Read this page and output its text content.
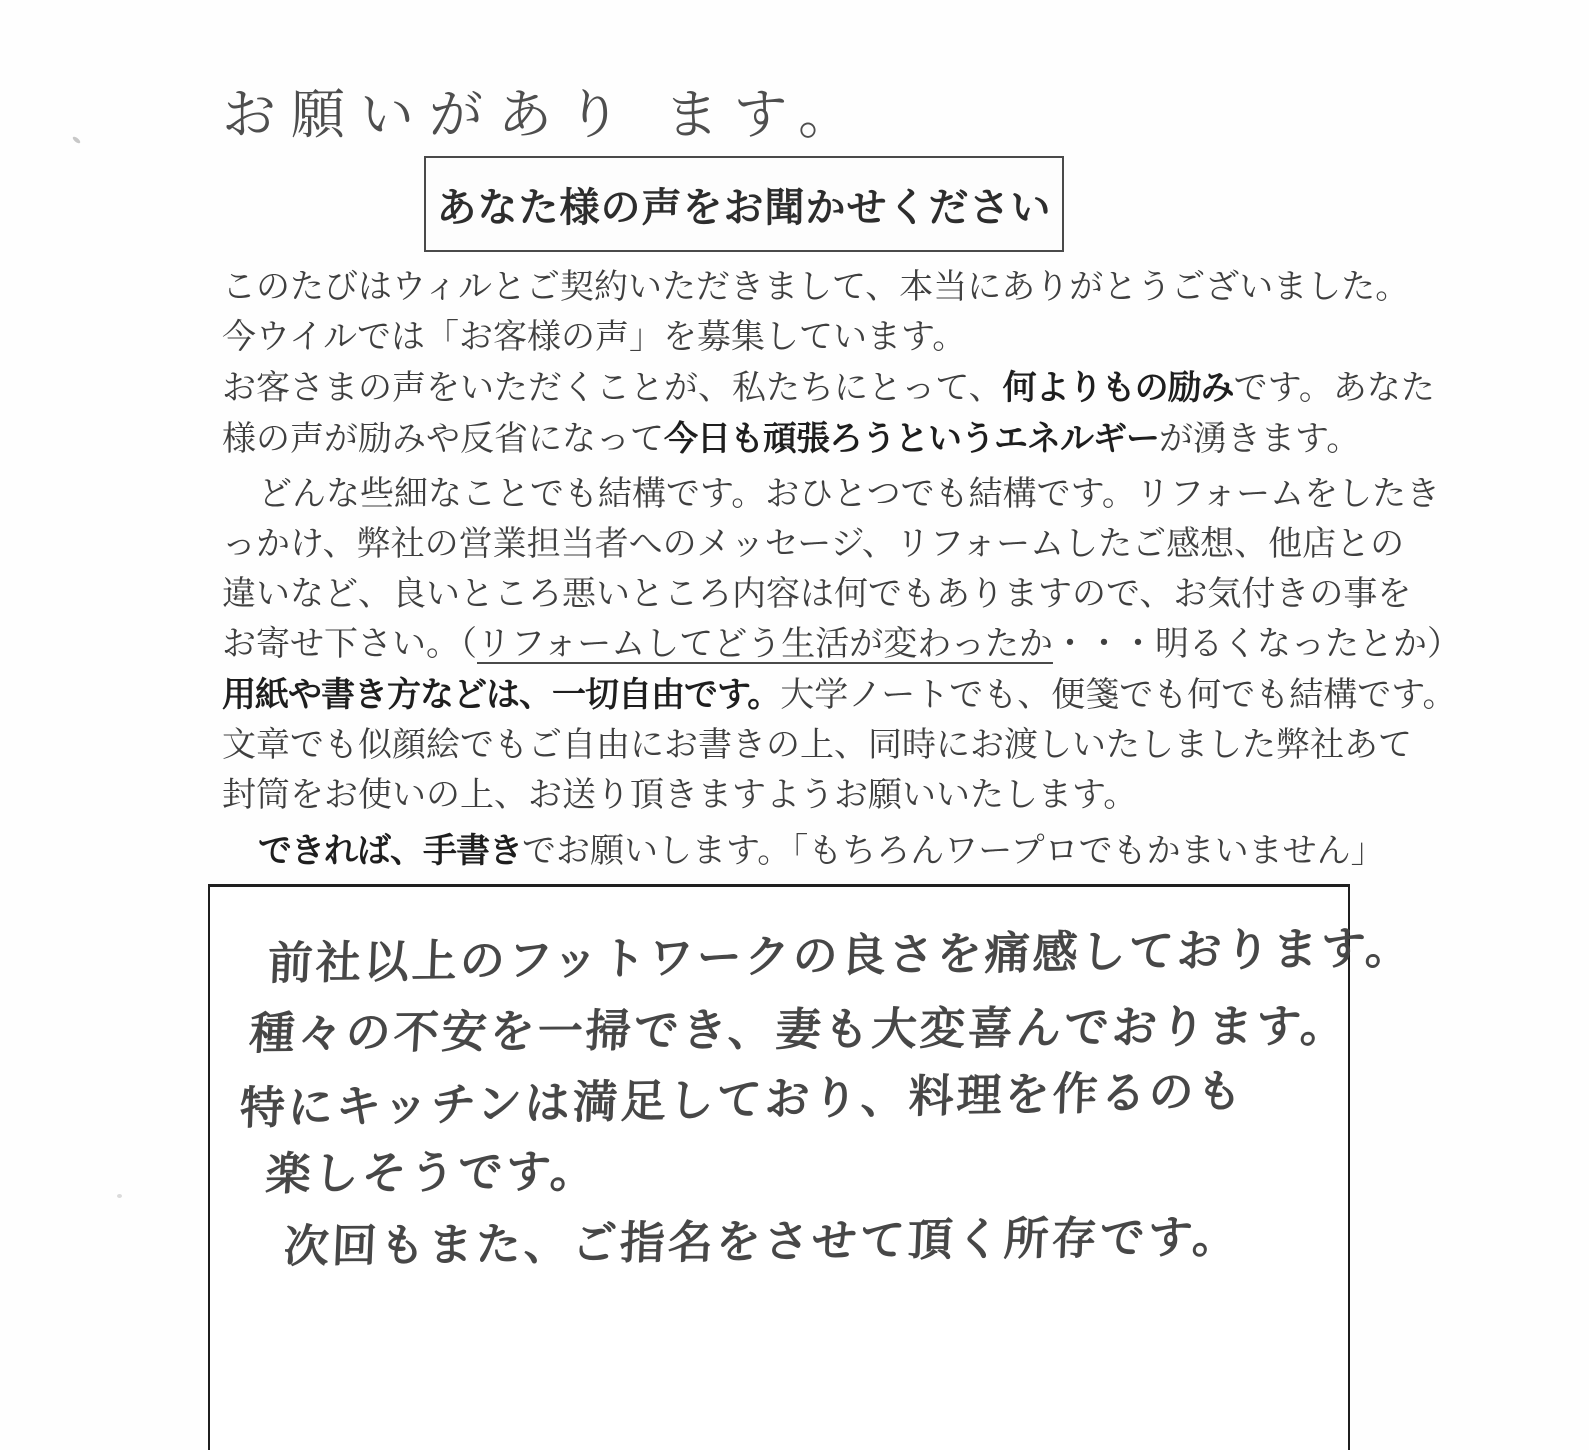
お願いがあり ます。
あなた様の声をお聞かせください
このたびはウィルとご契約いただきまして、本当にありがとうございました。
今ウイルでは「お客様の声」を募集しています。
お客さまの声をいただくことが、私たちにとって、何よりもの励みです。あなた
様の声が励みや反省になって今日も頑張ろうというエネルギーが湧きます。
どんな些細なことでも結構です。おひとつでも結構です。リフォームをしたき
っかけ、弊社の営業担当者へのメッセージ、リフォームしたご感想、他店との
違いなど、良いところ悪いところ内容は何でもありますので、お気付きの事を
お寄せ下さい。（リフォームしてどう生活が変わったか・・・明るくなったとか）
用紙や書き方などは、一切自由です。大学ノートでも、便箋でも何でも結構です。
文章でも似顔絵でもご自由にお書きの上、同時にお渡しいたしました弊社あて
封筒をお使いの上、お送り頂きますようお願いいたします。
できれば、手書きでお願いします。「もちろんワープロでもかまいません」
前社以上のフットワークの良さを痛感しております。
種々の不安を一掃でき、妻も大変喜んでおります。
特にキッチンは満足しており、料理を作るのも
楽しそうです。
次回もまた、ご指名をさせて頂く所存です。
